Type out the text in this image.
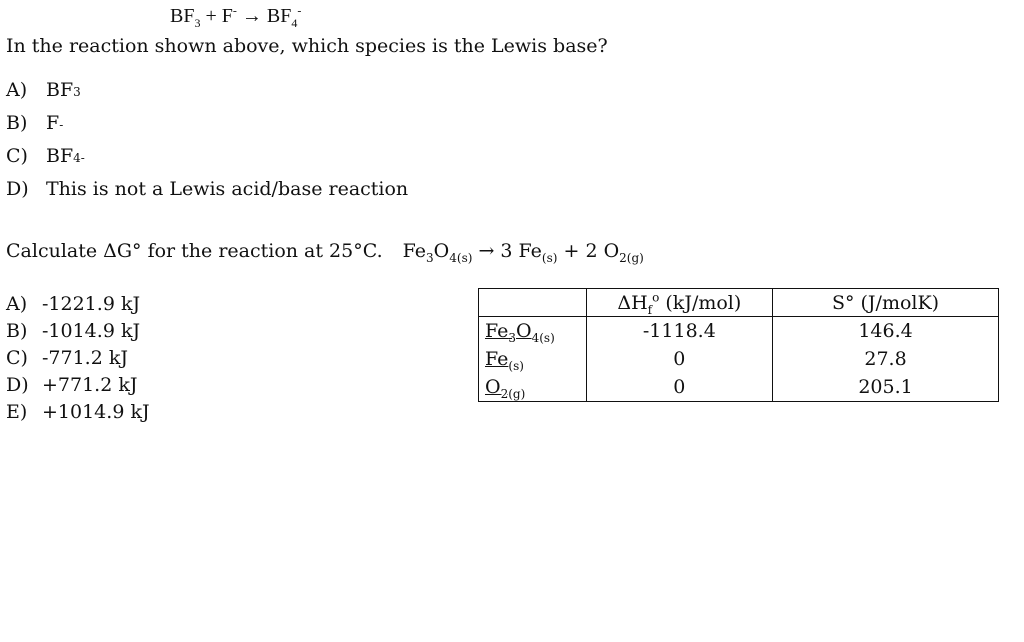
$BF_3 + F^- \to BF_4^-$
In the reaction shown above, which species is the Lewis base?
A) BF 3
B) F -
C) BF 4 -
D) This is not a Lewis acid/base reaction
Calculate ΔG° for the reaction at 25°C. $Fe_3O_{4(s)} \to 3$ $Fe_{(s)} + 2$ $O_{2(g)}$
A) -1221.9 kJ
B) -1014.9 kJ
C) -771.2 kJ
D) +771.2 kJ
E) +1014.9 kJ
	$\Delta H_f^o$ (kJ/mol)	S° (J/molK)
$Fe_3O_{4(s)}$	-1118.4	146.4
$Fe_{(s)}$	0	27.8
$O_{2(g)}$	0	205.1
